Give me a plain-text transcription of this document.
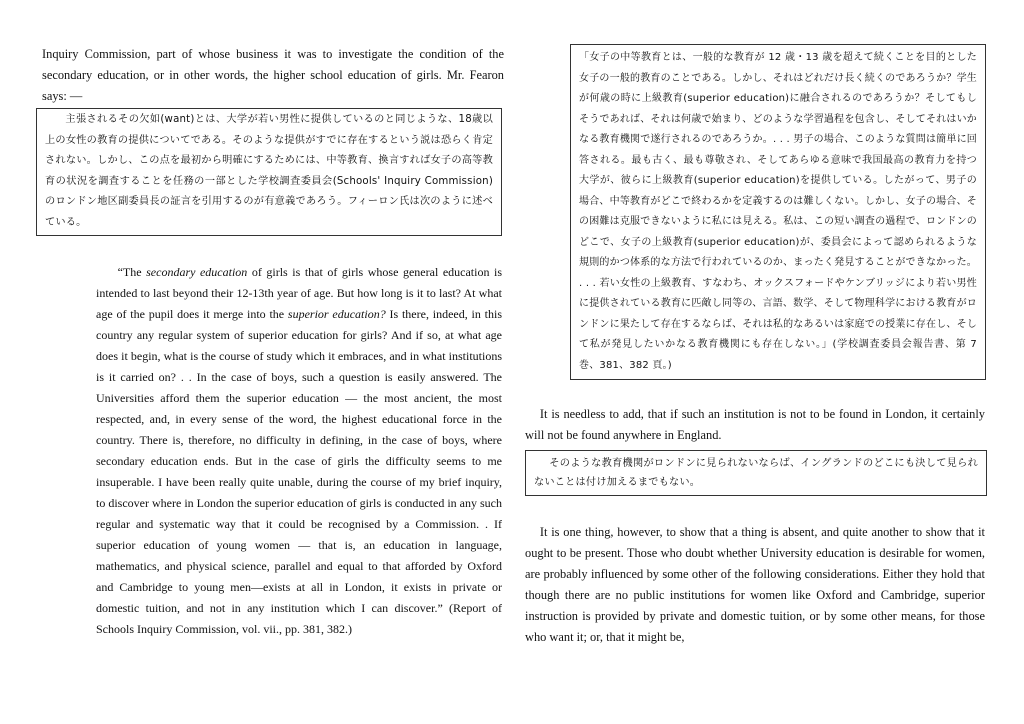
Inquiry Commission, part of whose business it was to investigate the condition of the secondary education, or in other words, the higher school education of girls. Mr. Fearon says: —

主張されるその欠如(want)とは、大学が若い男性に提供しているのと同じような、18歳以上の女性の教育の提供についてである。そのような提供がすでに存在するという説は恐らく肯定されない。しかし、この点を最初から明確にするためには、中等教育、換言すれば女子の高等教育の状況を調査することを任務の一部とした学校調査委員会(Schools' Inquiry Commission)のロンドン地区副委員長の証言を引用するのが有意義であろう。フィーロン氏は次のように述べている。

“The secondary education of girls is that of girls whose general education is intended to last beyond their 12-13th year of age. But how long is it to last? At what age of the pupil does it merge into the superior education? Is there, indeed, in this country any regular system of superior education for girls? And if so, at what age does it begin, what is the course of study which it embraces, and in what institutions is it carried on? . . In the case of boys, such a question is easily answered. The Universities afford them the superior education — the most ancient, the most respected, and, in every sense of the word, the highest educational force in the country. There is, therefore, no difficulty in defining, in the case of boys, where secondary education ends. But in the case of girls the difficulty seems to me insuperable. I have been really quite unable, during the course of my brief inquiry, to discover where in London the superior education of girls is conducted in any such regular and systematic way that it could be recognised by a Commission. . If superior education of young women — that is, an education in language, mathematics, and physical science, parallel and equal to that afforded by Oxford and Cambridge to young men—exists at all in London, it exists in private or domestic tuition, and not in any institution which I can discover.” (Report of Schools Inquiry Commission, vol. vii., pp. 381, 382.)

「女子の中等教育とは、一般的な教育が 12 歳・13 歳を超えて続くことを目的とした女子の一般的教育のことである。しかし、それはどれだけ長く続くのであろうか？学生が何歳の時に上級教育(superior education)に融合されるのであろうか？そしてもしそうであれば、それは何歳で始まり、どのような学習過程を包含し、そしてそれはいかなる教育機関で遂行されるのであろうか。. . . 男子の場合、このような質問は簡単に回答される。最も古く、最も尊敬され、そしてあらゆる意味で我国最高の教育力を持つ大学が、彼らに上級教育(superior education)を提供している。したがって、男子の場合、中等教育がどこで終わるかを定義するのは難しくない。しかし、女子の場合、その困難は克服できないように私には見える。私は、この短い調査の過程で、ロンドンのどこで、女子の上級教育(superior education)が、委員会によって認められるような規則的かつ体系的な方法で行われているのか、まったく発見することができなかった。 . . . 若い女性の上級教育、すなわち、オックスフォードやケンブリッジにより若い男性に提供されている教育に匹敵し同等の、言語、数学、そして物理科学における教育がロンドンに果たして存在するならば、それは私的なあるいは家庭での授業に存在し、そして私が発見したいかなる教育機関にも存在しない。」(学校調査委員会報告書、第 7 巻、381、382 頁。)

It is needless to add, that if such an institution is not to be found in London, it certainly will not be found anywhere in England.

そのような教育機関がロンドンに見られないならば、イングランドのどこにも決して見られないことは付け加えるまでもない。

It is one thing, however, to show that a thing is absent, and quite another to show that it ought to be present. Those who doubt whether University education is desirable for women, are probably influenced by some other of the following considerations. Either they hold that though there are no public institutions for women like Oxford and Cambridge, superior instruction is provided by private and domestic tuition, or by some other means, for those who want it; or, that it might be,
